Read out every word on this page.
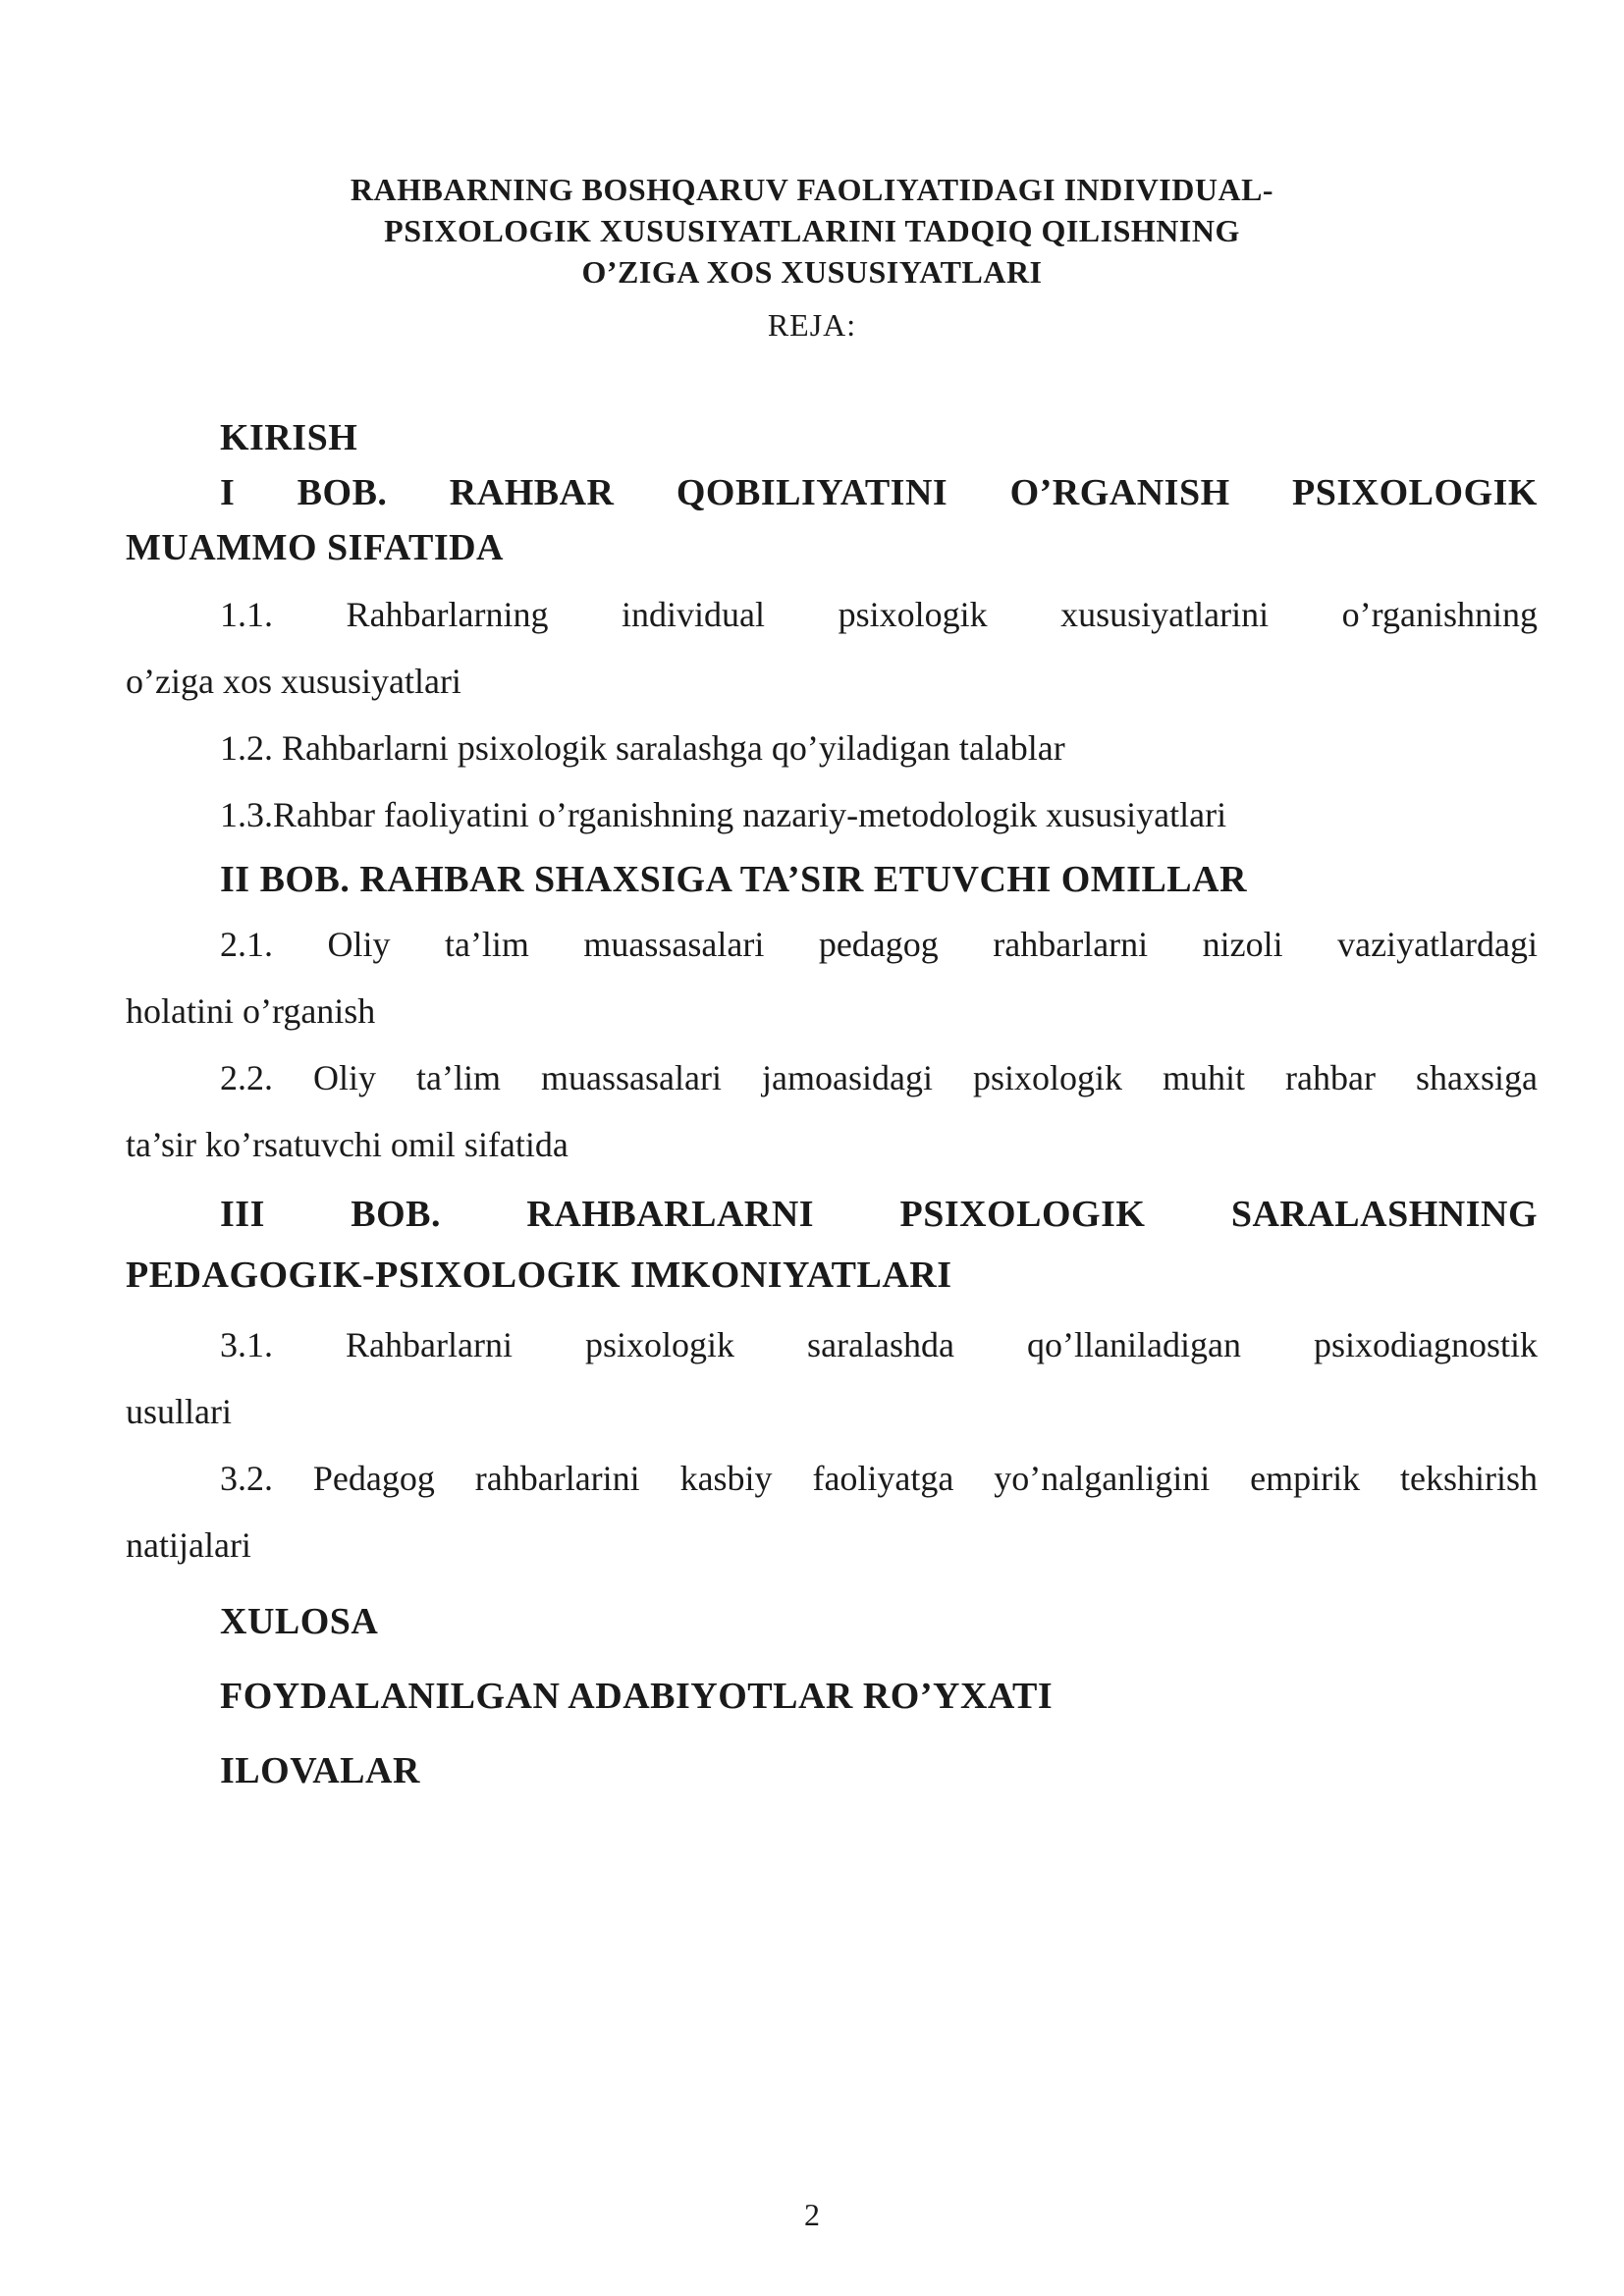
RAHBARNING BOSHQARUV FAOLIYATIDAGI INDIVIDUAL-
PSIXOLOGIK XUSUSIYATLARINI TADQIQ QILISHNING
O’ZIGA XOS XUSUSIYATLARI
REJA:
KIRISH
I BOB. RAHBAR QOBILIYATINI O’RGANISH PSIXOLOGIK
MUAMMO SIFATIDA
1.1. Rahbarlarning individual psixologik xususiyatlarini o’rganishning
o’ziga xos xususiyatlari
1.2. Rahbarlarni psixologik saralashga qo’yiladigan talablar
1.3.Rahbar faoliyatini o’rganishning nazariy-metodologik xususiyatlari
II BOB. RAHBAR SHAXSIGA TA’SIR ETUVCHI OMILLAR
2.1. Oliy ta’lim muassasalari pedagog rahbarlarni nizoli vaziyatlardagi
holatini o’rganish
2.2. Oliy ta’lim muassasalari jamoasidagi psixologik muhit rahbar shaxsiga
ta’sir ko’rsatuvchi omil sifatida
III BOB. RAHBARLARNI PSIXOLOGIK SARALASHNING
PEDAGOGIK-PSIXOLOGIK IMKONIYATLARI
3.1. Rahbarlarni psixologik saralashda qo’llaniladigan psixodiagnostik
usullari
3.2. Pedagog rahbarlarini kasbiy faoliyatga yo’nalganligini empirik tekshirish
natijalari
XULOSA
FOYDALANILGAN ADABIYOTLAR RO’YXATI
ILOVALAR
2
